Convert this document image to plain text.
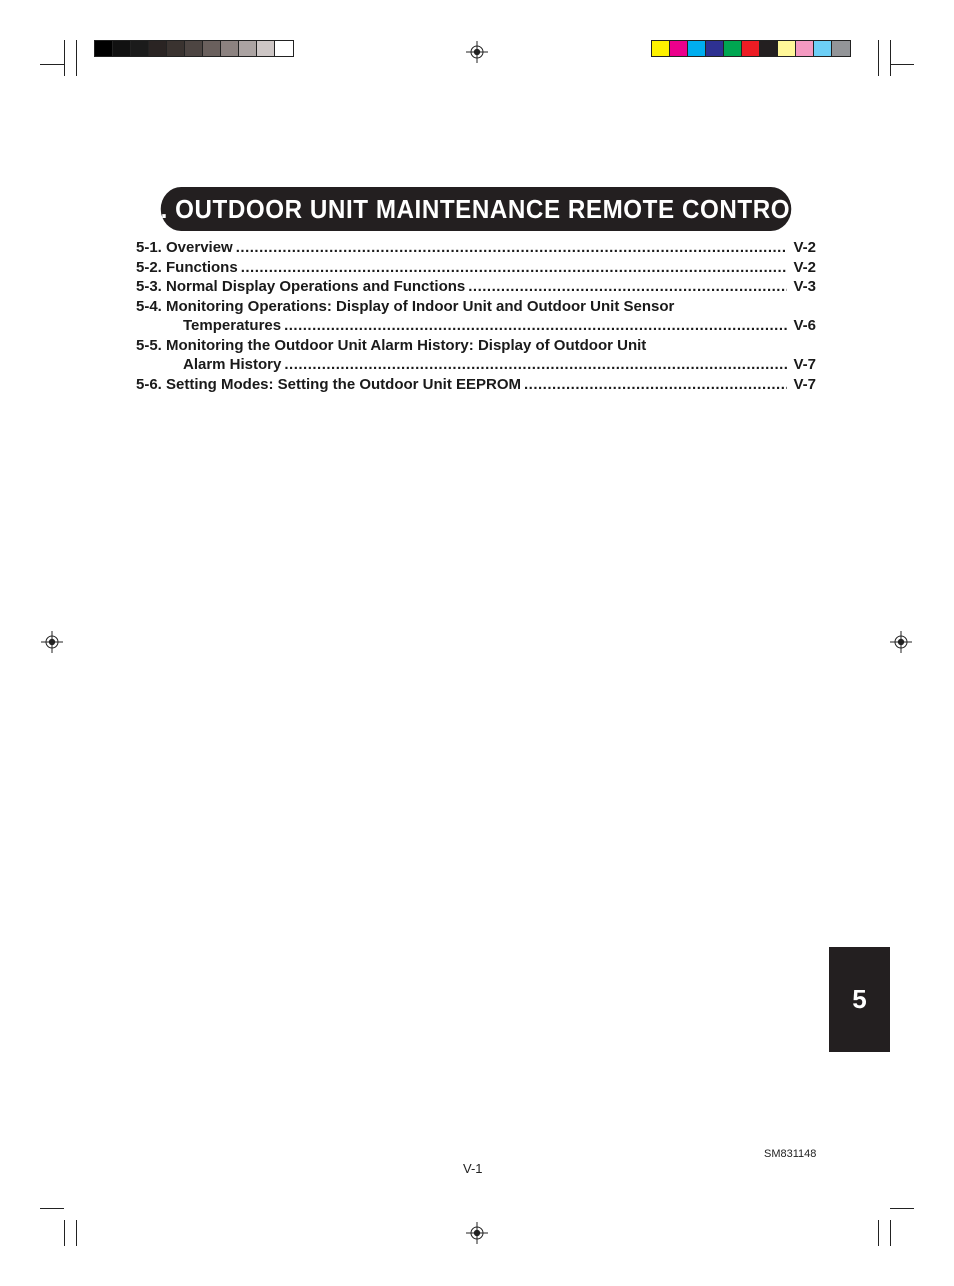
5. OUTDOOR UNIT MAINTENANCE REMOTE CONTROL
5-1. Overview .....	V-2
5-2. Functions .....	V-2
5-3. Normal Display Operations and Functions .....	V-3
5-4. Monitoring Operations: Display of Indoor Unit and Outdoor Unit Sensor
Temperatures .....	V-6
5-5. Monitoring the Outdoor Unit Alarm History: Display of Outdoor Unit
Alarm History .....	V-7
5-6. Setting Modes: Setting the Outdoor Unit EEPROM .....	V-7
5
SM831148
V-1
